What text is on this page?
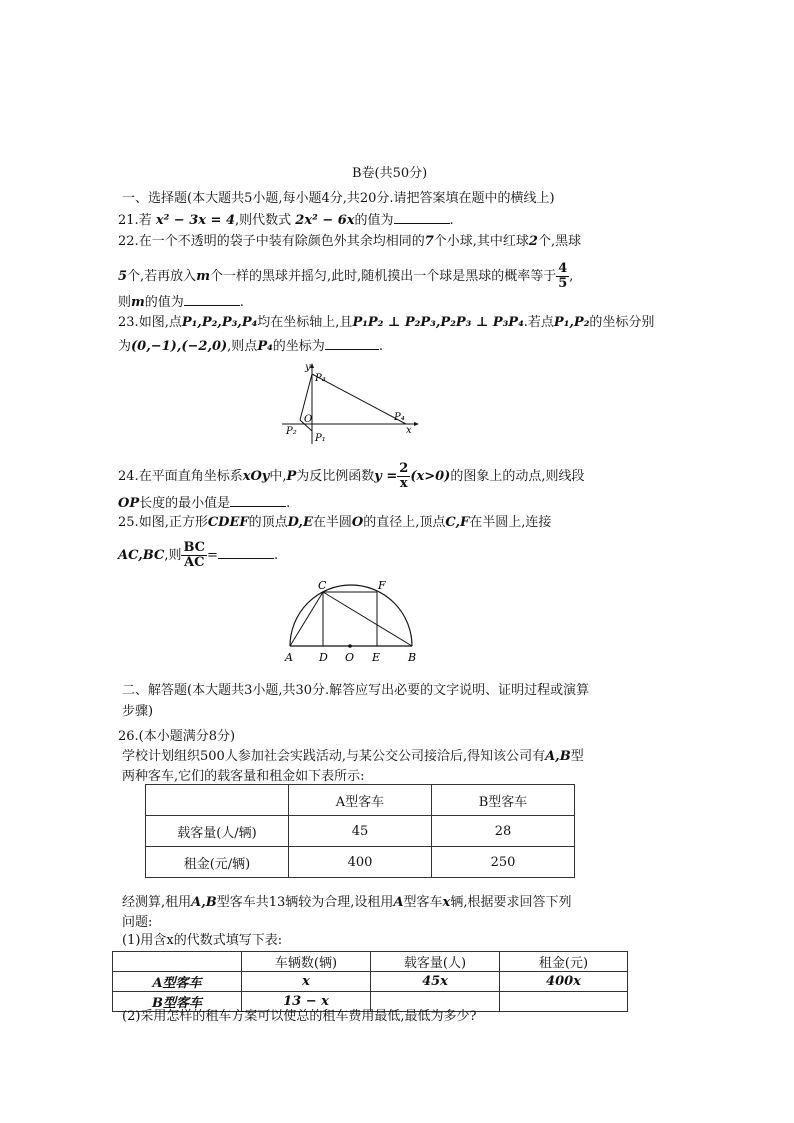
B卷(共50分)
一、选择题(本大题共5小题,每小题4分,共20分.请把答案填在题中的横线上)
21.若 x² − 3x = 4,则代数式 2x² − 6x的值为	.
22.在一个不透明的袋子中装有除颜色外其余均相同的7个小球,其中红球2个,黑球
5个,若再放入m个一样的黑球并摇匀,此时,随机摸出一个球是黑球的概率等于 $\frac{4}{5}$ ,
则m的值为	.
23.如图,点P₁,P₂,P₃,P₄均在坐标轴上,且P₁P₂ ⊥ P₂P₃,P₂P₃ ⊥ P₃P₄.若点P₁,P₂的坐标分别
为(0,−1),(−2,0),则点P₄的坐标为	.
y
x
O
P₃
P₄
P₂
P₁
24.在平面直角坐标系xOy中,P为反比例函数$y = \frac{2}{x} (x>0)$的图象上的动点,则线段
OP长度的最小值是	.
25.如图,正方形CDEF的顶点D,E在半圆O的直径上,顶点C,F在半圆上,连接
AC,BC,则 $\frac{BC}{AC}$ =	.
A D O E	B
C	F
二、解答题(本大题共3小题,共30分.解答应写出必要的文字说明、证明过程或演算
步骤)
26.(本小题满分8分)
学校计划组织500人参加社会实践活动,与某公交公司接洽后,得知该公司有A,B型
两种客车,它们的载客量和租金如下表所示:
	A型客车	B型客车
载客量(人/辆)	45	28
租金(元/辆)	400	250
经测算,租用A,B型客车共13辆较为合理,设租用A型客车x辆,根据要求回答下列
问题:
(1)用含x的代数式填写下表:
	车辆数(辆)	载客量(人)	租金(元)
A型客车	x	45x	400x
B型客车	13 − x		
(2)采用怎样的租车方案可以使总的租车费用最低,最低为多少?
